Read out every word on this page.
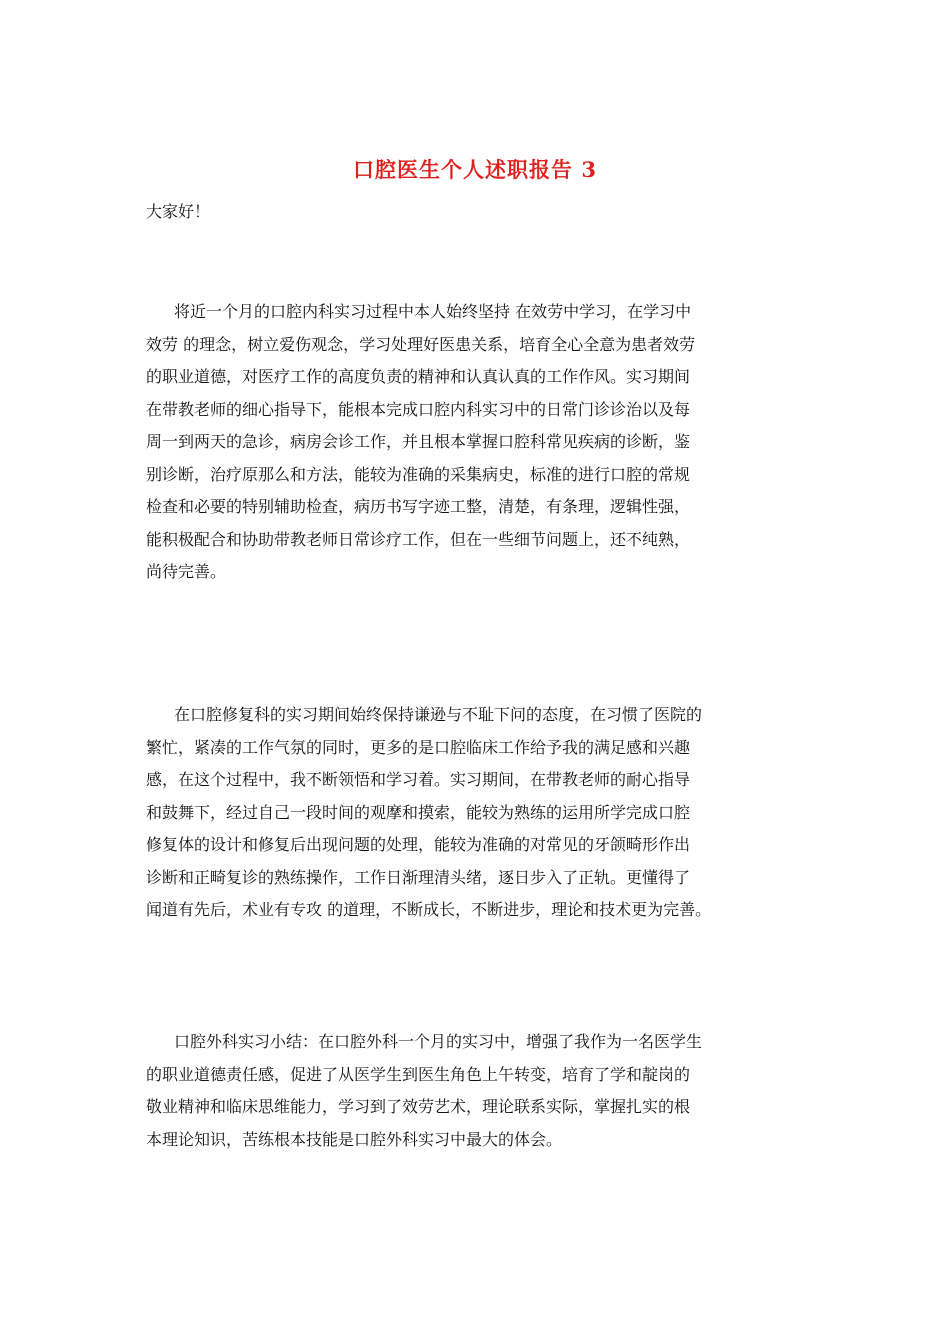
口腔医生个人述职报告 3

大家好！

将近一个月的口腔内科实习过程中本人始终坚持 在效劳中学习，在学习中
效劳 的理念，树立爱伤观念，学习处理好医患关系，培育全心全意为患者效劳
的职业道德，对医疗工作的高度负责的精神和认真认真的工作作风。实习期间
在带教老师的细心指导下，能根本完成口腔内科实习中的日常门诊诊治以及每
周一到两天的急诊，病房会诊工作，并且根本掌握口腔科常见疾病的诊断，鉴
别诊断，治疗原那么和方法，能较为准确的采集病史，标准的进行口腔的常规
检查和必要的特别辅助检查，病历书写字迹工整，清楚，有条理，逻辑性强，
能积极配合和协助带教老师日常诊疗工作，但在一些细节问题上，还不纯熟，
尚待完善。
在口腔修复科的实习期间始终保持谦逊与不耻下问的态度，在习惯了医院的
繁忙，紧凑的工作气氛的同时，更多的是口腔临床工作给予我的满足感和兴趣
感，在这个过程中，我不断领悟和学习着。实习期间，在带教老师的耐心指导
和鼓舞下，经过自己一段时间的观摩和摸索，能较为熟练的运用所学完成口腔
修复体的设计和修复后出现问题的处理，能较为准确的对常见的牙颌畸形作出
诊断和正畸复诊的熟练操作，工作日渐理清头绪，逐日步入了正轨。更懂得了
闻道有先后，术业有专攻 的道理，不断成长，不断进步，理论和技术更为完善。
口腔外科实习小结：在口腔外科一个月的实习中，增强了我作为一名医学生
的职业道德责任感，促进了从医学生到医生角色上午转变，培育了学和靛岗的
敬业精神和临床思维能力，学习到了效劳艺术，理论联系实际，掌握扎实的根
本理论知识，苦练根本技能是口腔外科实习中最大的体会。
